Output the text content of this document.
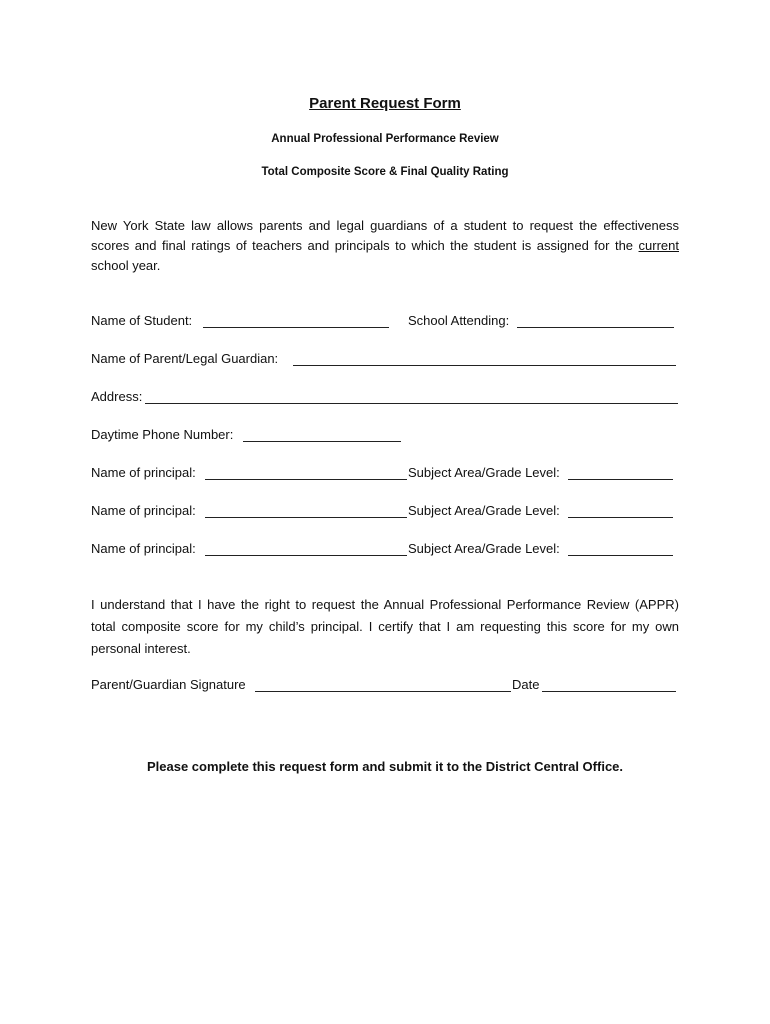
Parent Request Form
Annual Professional Performance Review
Total Composite Score & Final Quality Rating

New York State law allows parents and legal guardians of a student to request the effectiveness scores and final ratings of teachers and principals to which the student is assigned for the current school year.

Name of Student:	School Attending:
Name of Parent/Legal Guardian:
Address:
Daytime Phone Number:
Name of principal:	Subject Area/Grade Level:
Name of principal:	Subject Area/Grade Level:
Name of principal:	Subject Area/Grade Level:

I understand that I have the right to request the Annual Professional Performance Review (APPR) total composite score for my child’s principal. I certify that I am requesting this score for my own personal interest.

Parent/Guardian Signature	Date
Please complete this request form and submit it to the District Central Office.
